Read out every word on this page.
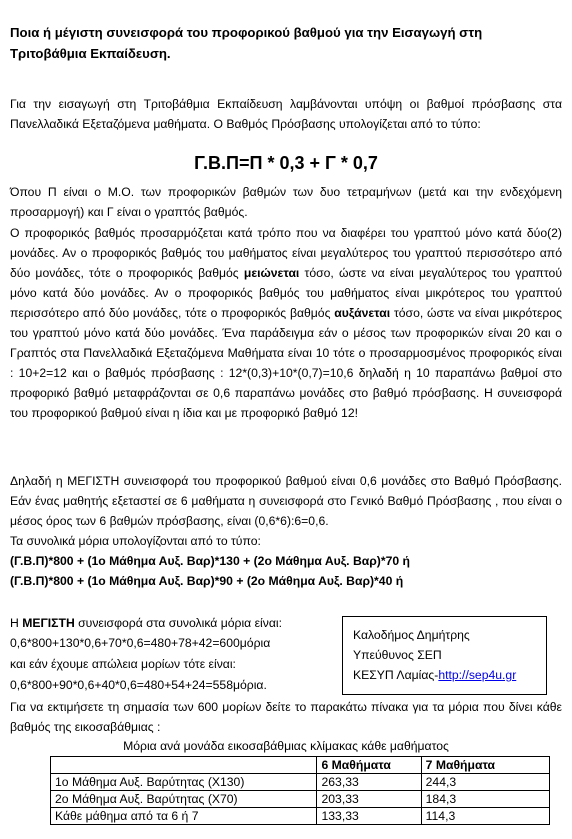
Ποια ή μέγιστη συνεισφορά του προφορικού βαθμού για την Εισαγωγή στη Τριτοβάθμια Εκπαίδευση.
Για την εισαγωγή στη Τριτοβάθμια Εκπαίδευση λαμβάνονται υπόψη οι βαθμοί πρόσβασης στα Πανελλαδικά Εξεταζόμενα μαθήματα. Ο Βαθμός Πρόσβασης υπολογίζεται από το τύπο:
Γ.Β.Π=Π * 0,3 + Γ * 0,7
Όπου Π είναι ο Μ.Ο. των προφορικών βαθμών των δυο τετραμήνων (μετά και την ενδεχόμενη προσαρμογή) και Γ είναι ο γραπτός βαθμός.
Ο προφορικός βαθμός προσαρμόζεται κατά τρόπο που να διαφέρει του γραπτού μόνο κατά δύο(2) μονάδες. Αν ο προφορικός βαθμός του μαθήματος είναι μεγαλύτερος του γραπτού περισσότερο από δύο μονάδες, τότε ο προφορικός βαθμός μειώνεται τόσο, ώστε να είναι μεγαλύτερος του γραπτού μόνο κατά δύο μονάδες. Αν ο προφορικός βαθμός του μαθήματος είναι μικρότερος του γραπτού περισσότερο από δύο μονάδες, τότε ο προφορικός βαθμός αυξάνεται τόσο, ώστε να είναι μικρότερος του γραπτού μόνο κατά δύο μονάδες. Ένα παράδειγμα εάν ο μέσος των προφορικών είναι 20 και ο Γραπτός στα Πανελλαδικά Εξεταζόμενα Μαθήματα είναι 10 τότε ο προσαρμοσμένος προφορικός είναι : 10+2=12 και ο βαθμός πρόσβασης : 12*(0,3)+10*(0,7)=10,6 δηλαδή η 10 παραπάνω βαθμοί στο προφορικό βαθμό μεταφράζονται σε 0,6 παραπάνω μονάδες στο βαθμό πρόσβασης. Η συνεισφορά του προφορικού βαθμού είναι η ίδια και με προφορικό βαθμό 12!
Δηλαδή η ΜΕΓΙΣΤΗ συνεισφορά του προφορικού βαθμού είναι 0,6 μονάδες στο Βαθμό Πρόσβασης. Εάν ένας μαθητής εξεταστεί σε 6 μαθήματα η συνεισφορά στο Γενικό Βαθμό Πρόσβασης , που είναι ο μέσος όρος των 6 βαθμών πρόσβασης, είναι (0,6*6):6=0,6.
Τα συνολικά μόρια υπολογίζονται από το τύπο:
(Γ.Β.Π)*800 + (1ο Μάθημα Αυξ. Βαρ)*130 + (2ο Μάθημα Αυξ. Βαρ)*70 ή
(Γ.Β.Π)*800 + (1ο Μάθημα Αυξ. Βαρ)*90 + (2ο Μάθημα Αυξ. Βαρ)*40 ή
Η ΜΕΓΙΣΤΗ συνεισφορά στα συνολικά μόρια είναι:
0,6*800+130*0,6+70*0,6=480+78+42=600μόρια
και εάν έχουμε απώλεια μορίων τότε είναι:
0,6*800+90*0,6+40*0,6=480+54+24=558μόρια.
Καλοδήμος Δημήτρης
Υπεύθυνος ΣΕΠ
ΚΕΣΥΠ Λαμίας-http://sep4u.gr
Για να εκτιμήσετε τη σημασία των 600 μορίων δείτε το παρακάτω πίνακα για τα μόρια που δίνει κάθε βαθμός της εικοσαβάθμιας :
Μόρια ανά μονάδα εικοσαβάθμιας κλίμακας κάθε μαθήματος
	6 Μαθήματα	7 Μαθήματα
1ο Μάθημα Αυξ. Βαρύτητας (Χ130)	263,33	244,3
2ο Μάθημα Αυξ. Βαρύτητας (Χ70)	203,33	184,3
Κάθε μάθημα από τα 6 ή 7	133,33	114,3
